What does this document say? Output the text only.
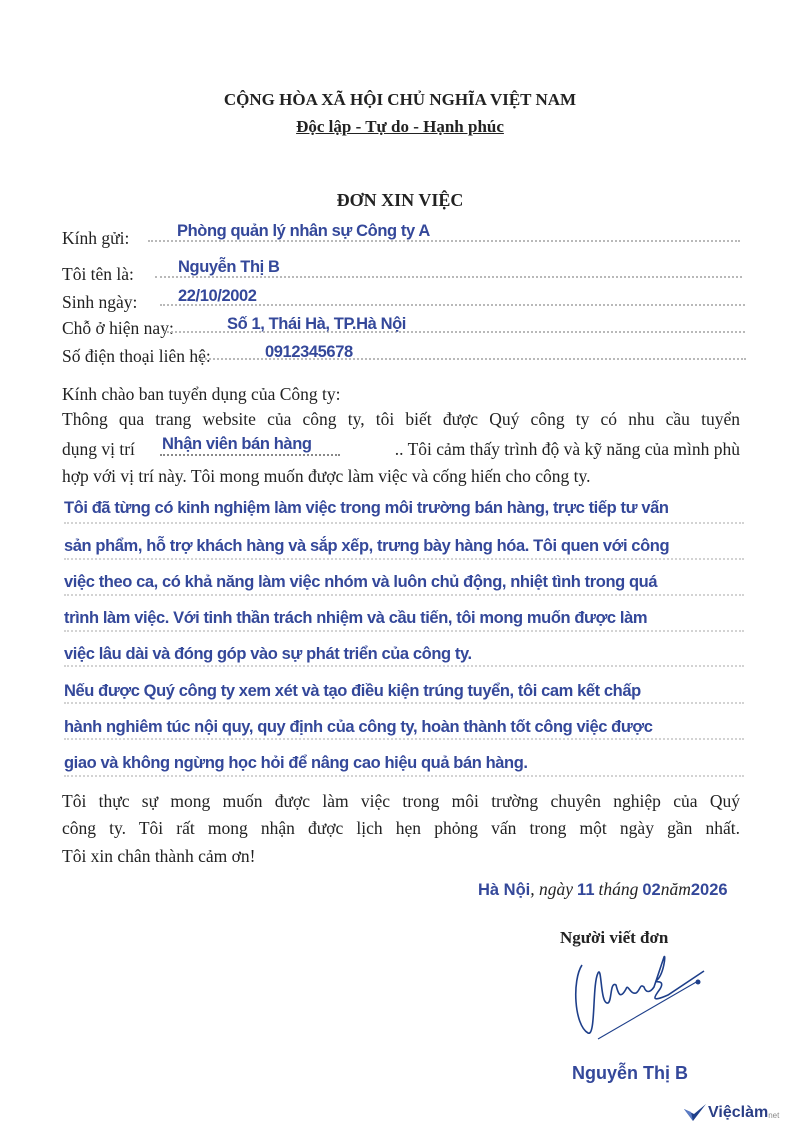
CỘNG HÒA XÃ HỘI CHỦ NGHĨA VIỆT NAM
Độc lập - Tự do - Hạnh phúc
ĐƠN XIN VIỆC
Kính gửi:	Phòng quản lý nhân sự Công ty A
Tôi tên là:	Nguyễn Thị B
Sinh ngày: 22/10/2002
Chỗ ở hiện nay:	Số 1, Thái Hà, TP.Hà Nội
Số điện thoại liên hệ:	0912345678
Kính chào ban tuyển dụng của Công ty:
Thông qua trang website của công ty, tôi biết được Quý công ty có nhu cầu tuyển
dụng vị trí Nhận viên bán hàng	.. Tôi cảm thấy trình độ và kỹ năng của mình phù
hợp với vị trí này. Tôi mong muốn được làm việc và cống hiến cho công ty.
Tôi đã từng có kinh nghiệm làm việc trong môi trường bán hàng, trực tiếp tư vấn
sản phẩm, hỗ trợ khách hàng và sắp xếp, trưng bày hàng hóa. Tôi quen với công
việc theo ca, có khả năng làm việc nhóm và luôn chủ động, nhiệt tình trong quá
trình làm việc. Với tinh thần trách nhiệm và cầu tiến, tôi mong muốn được làm
việc lâu dài và đóng góp vào sự phát triển của công ty.
Nếu được Quý công ty xem xét và tạo điều kiện trúng tuyển, tôi cam kết chấp
hành nghiêm túc nội quy, quy định của công ty, hoàn thành tốt công việc được
giao và không ngừng học hỏi để nâng cao hiệu quả bán hàng.
Tôi thực sự mong muốn được làm việc trong môi trường chuyên nghiệp của Quý
công ty. Tôi rất mong nhận được lịch hẹn phỏng vấn trong một ngày gần nhất.
Tôi xin chân thành cảm ơn!
Hà Nội, ngày 11 tháng 02năm2026
Người viết đơn
Nguyễn Thị B
Việclàm net
